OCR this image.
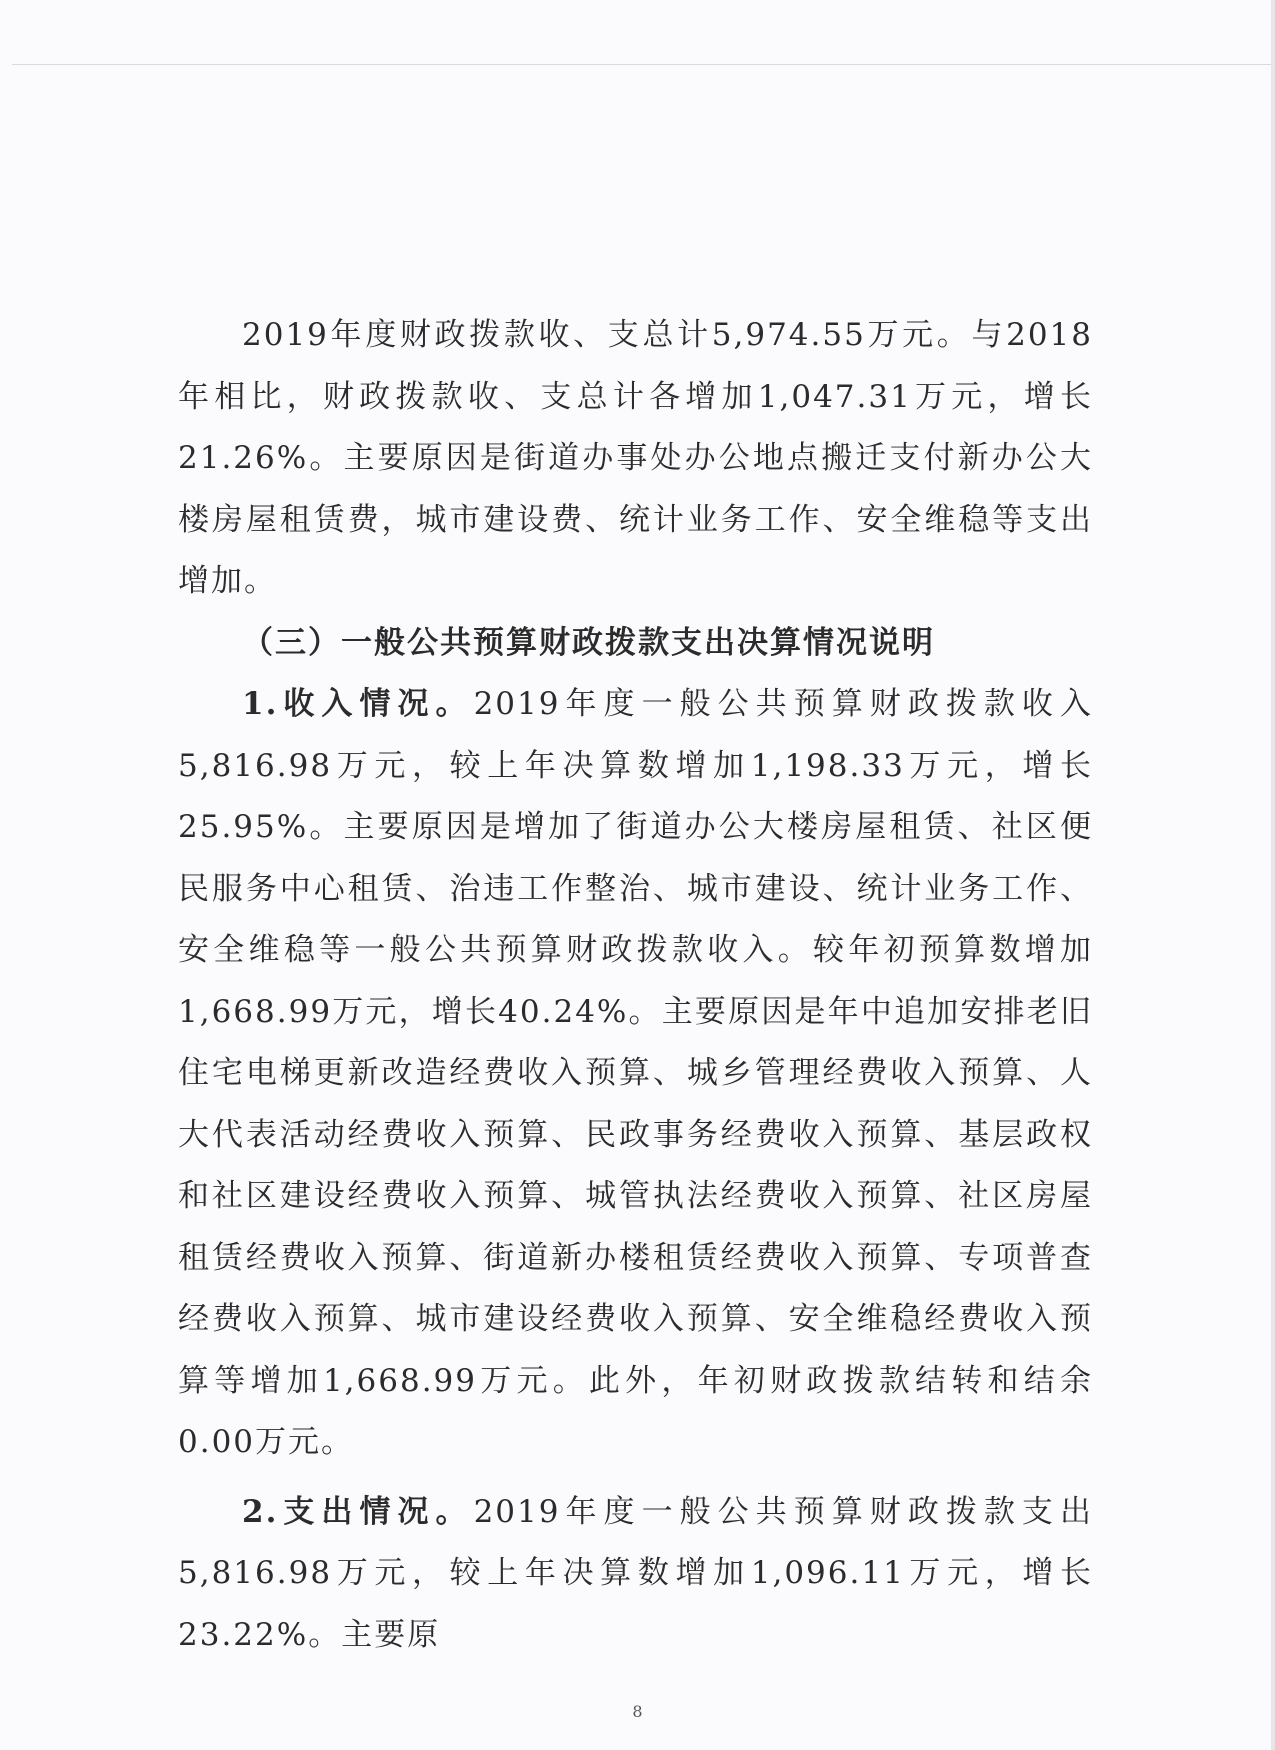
2019年度财政拨款收、支总计5,974.55万元。与2018年相比，财政拨款收、支总计各增加1,047.31万元，增长21.26%。主要原因是街道办事处办公地点搬迁支付新办公大楼房屋租赁费，城市建设费、统计业务工作、安全维稳等支出增加。

（三）一般公共预算财政拨款支出决算情况说明

1.收入情况。2019年度一般公共预算财政拨款收入5,816.98万元，较上年决算数增加1,198.33万元，增长25.95%。主要原因是增加了街道办公大楼房屋租赁、社区便民服务中心租赁、治违工作整治、城市建设、统计业务工作、安全维稳等一般公共预算财政拨款收入。较年初预算数增加1,668.99万元，增长40.24%。主要原因是年中追加安排老旧住宅电梯更新改造经费收入预算、城乡管理经费收入预算、人大代表活动经费收入预算、民政事务经费收入预算、基层政权和社区建设经费收入预算、城管执法经费收入预算、社区房屋租赁经费收入预算、街道新办楼租赁经费收入预算、专项普查经费收入预算、城市建设经费收入预算、安全维稳经费收入预算等增加1,668.99万元。此外，年初财政拨款结转和结余0.00万元。

2.支出情况。2019年度一般公共预算财政拨款支出5,816.98万元，较上年决算数增加1,096.11万元，增长23.22%。主要原

8
